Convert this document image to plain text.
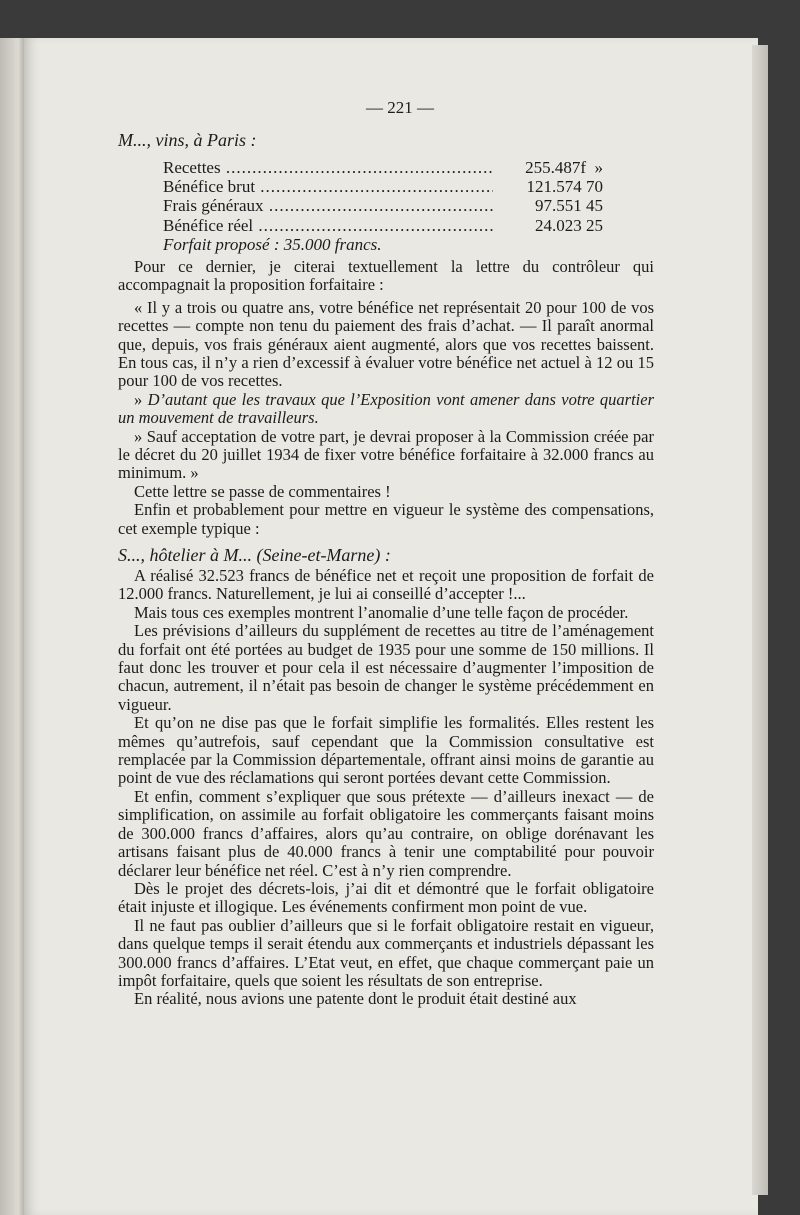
— 221 —
M..., vins, à Paris :
Recettes .....	255.487f  »
Bénéfice brut .....	121.574 70
Frais généraux .....	97.551 45
Bénéfice réel .....	24.023 25
Forfait proposé : 35.000 francs.

Pour ce dernier, je citerai textuellement la lettre du contrôleur qui accompagnait la proposition forfaitaire :

« Il y a trois ou quatre ans, votre bénéfice net représentait 20 pour 100 de vos recettes — compte non tenu du paiement des frais d’achat. — Il paraît anormal que, depuis, vos frais généraux aient augmenté, alors que vos recettes baissent. En tous cas, il n’y a rien d’excessif à évaluer votre bénéfice net actuel à 12 ou 15 pour 100 de vos recettes.

» D’autant que les travaux que l’Exposition vont amener dans votre quartier un mouvement de travailleurs.

» Sauf acceptation de votre part, je devrai proposer à la Commission créée par le décret du 20 juillet 1934 de fixer votre bénéfice forfaitaire à 32.000 francs au minimum. »

Cette lettre se passe de commentaires !

Enfin et probablement pour mettre en vigueur le système des compensations, cet exemple typique :

S..., hôtelier à M... (Seine-et-Marne) :

A réalisé 32.523 francs de bénéfice net et reçoit une proposition de forfait de 12.000 francs. Naturellement, je lui ai conseillé d’accepter !...

Mais tous ces exemples montrent l’anomalie d’une telle façon de procéder.

Les prévisions d’ailleurs du supplément de recettes au titre de l’aménagement du forfait ont été portées au budget de 1935 pour une somme de 150 millions. Il faut donc les trouver et pour cela il est nécessaire d’augmenter l’imposition de chacun, autrement, il n’était pas besoin de changer le système précédemment en vigueur.

Et qu’on ne dise pas que le forfait simplifie les formalités. Elles restent les mêmes qu’autrefois, sauf cependant que la Commission consultative est remplacée par la Commission départementale, offrant ainsi moins de garantie au point de vue des réclamations qui seront portées devant cette Commission.

Et enfin, comment s’expliquer que sous prétexte — d’ailleurs inexact — de simplification, on assimile au forfait obligatoire les commerçants faisant moins de 300.000 francs d’affaires, alors qu’au contraire, on oblige dorénavant les artisans faisant plus de 40.000 francs à tenir une comptabilité pour pouvoir déclarer leur bénéfice net réel. C’est à n’y rien comprendre.

Dès le projet des décrets-lois, j’ai dit et démontré que le forfait obligatoire était injuste et illogique. Les événements confirment mon point de vue.

Il ne faut pas oublier d’ailleurs que si le forfait obligatoire restait en vigueur, dans quelque temps il serait étendu aux commerçants et industriels dépassant les 300.000 francs d’affaires. L’Etat veut, en effet, que chaque commerçant paie un impôt forfaitaire, quels que soient les résultats de son entreprise.

En réalité, nous avions une patente dont le produit était destiné aux
